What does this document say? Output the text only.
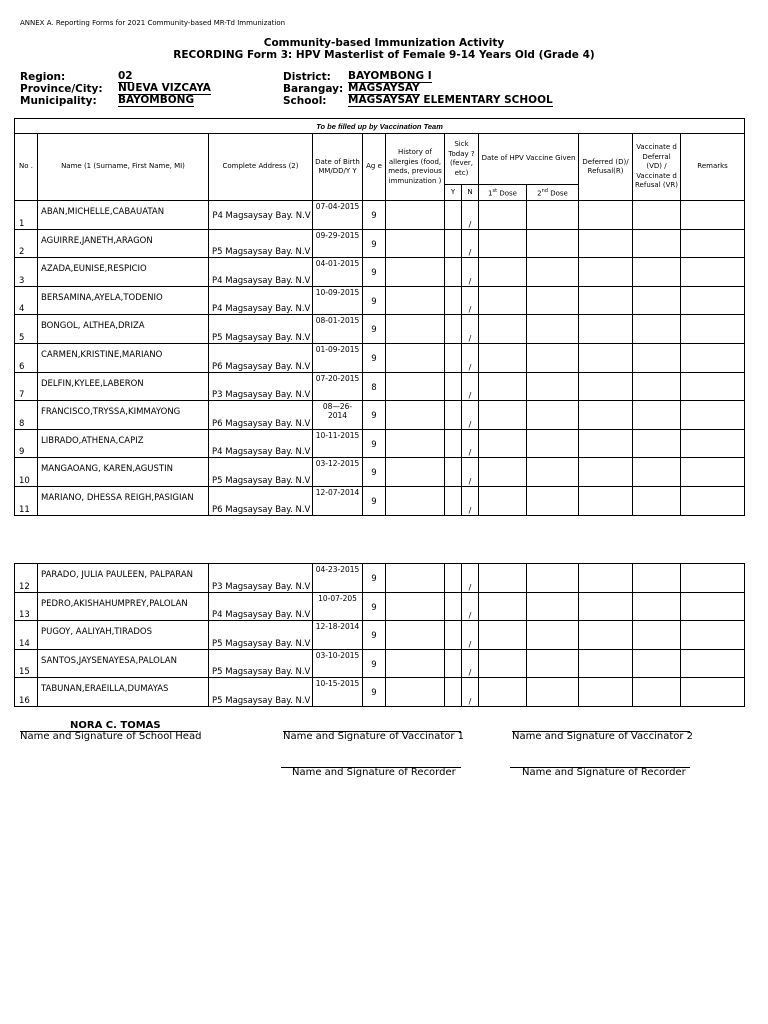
ANNEX A. Reporting Forms for 2021 Community-based MR-Td Immunization
Community-based Immunization Activity
RECORDING Form 3: HPV Masterlist of Female 9-14 Years Old (Grade 4)
Region:	02
Province/City: NUEVA VIZCAYA
Municipality: BAYOMBONG
District: BAYOMBONG I
Barangay: MAGSAYSAY
School: MAGSAYSAY ELEMENTARY SCHOOL
To be filled up by Vaccination Team												
No .	Name (1 (Surname, First Name, MI)	Complete Address (2)	Date of Birth MM/DD/Y Y	Ag e	History of allergies (food, meds, previous immunization )	Sick Today ? (fever, etc)		Date of HPV Vaccine Given		Deferred (D)/ Refusal(R)	Vaccinate d Deferral (VD) / Vaccinate d Refusal (VR)	Remarks
						Y	N	1st Dose	2nd Dose			
1	ABAN,MICHELLE,CABAUATAN	P4 Magsaysay Bay. N.V	07-04-2015	9			/					
2	AGUIRRE,JANETH,ARAGON	P5 Magsaysay Bay. N.V	09-29-2015	9			/					
3	AZADA,EUNISE,RESPICIO	P4 Magsaysay Bay. N.V	04-01-2015	9			/					
4	BERSAMINA,AYELA,TODENIO	P4 Magsaysay Bay. N.V	10-09-2015	9			/					
5	BONGOL, ALTHEA,DRIZA	P5 Magsaysay Bay. N.V	08-01-2015	9			/					
6	CARMEN,KRISTINE,MARIANO	P6 Magsaysay Bay. N.V	01-09-2015	9			/					
7	DELFIN,KYLEE,LABERON	P3 Magsaysay Bay. N.V	07-20-2015	8			/					
8	FRANCISCO,TRYSSA,KIMMAYONG	P6 Magsaysay Bay. N.V	08—26-2014	9			/					
9	LIBRADO,ATHENA,CAPIZ	P4 Magsaysay Bay. N.V	10-11-2015	9			/					
10	MANGAOANG, KAREN,AGUSTIN	P5 Magsaysay Bay. N.V	03-12-2015	9			/					
11	MARIANO, DHESSA REIGH,PASIGIAN	P6 Magsaysay Bay. N.V	12-07-2014	9			/					
12	PARADO, JULIA PAULEEN, PALPARAN	P3 Magsaysay Bay. N.V	04-23-2015	9			/					
13	PEDRO,AKISHAHUMPREY,PALOLAN	P4 Magsaysay Bay. N.V	10-07-205	9			/					
14	PUGOY, AALIYAH,TIRADOS	P5 Magsaysay Bay. N.V	12-18-2014	9			/					
15	SANTOS,JAYSENAYESA,PALOLAN	P5 Magsaysay Bay. N.V	03-10-2015	9			/					
16	TABUNAN,ERAEILLA,DUMAYAS	P5 Magsaysay Bay. N.V	10-15-2015	9			/					
NORA C. TOMAS
Name and Signature of School Head	Name and Signature of Vaccinator 1	Name and Signature of Vaccinator 2
Name and Signature of Recorder	Name and Signature of Recorder
